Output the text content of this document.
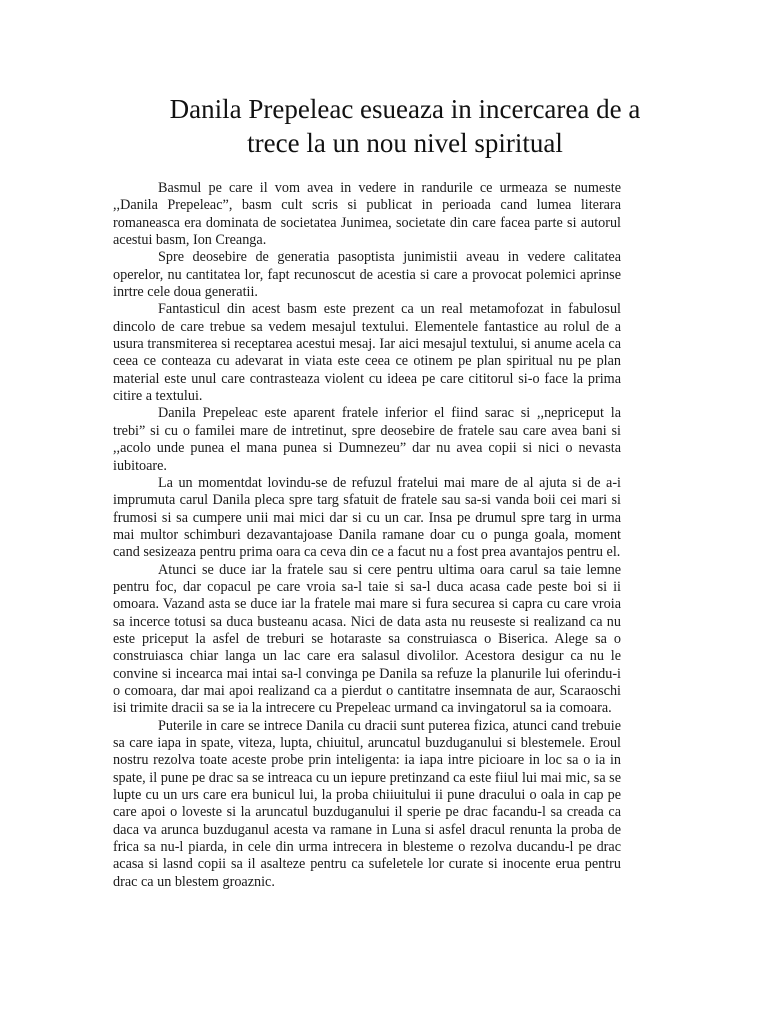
Danila Prepeleac esueaza in incercarea de a
trece la un nou nivel spiritual

Basmul pe care il vom avea in vedere in randurile ce urmeaza se numeste ,,Danila Prepeleac”, basm cult scris si publicat in perioada cand lumea literara romaneasca era dominata de societatea Junimea, societate din care facea parte si autorul acestui basm, Ion Creanga.

Spre deosebire de generatia pasoptista junimistii aveau in vedere calitatea operelor, nu cantitatea lor, fapt recunoscut de acestia si care a provocat polemici aprinse inrtre cele doua generatii.

Fantasticul din acest basm este prezent ca un real metamofozat in fabulosul dincolo de care trebue sa vedem mesajul textului. Elementele fantastice au rolul de a usura transmiterea si receptarea acestui mesaj. Iar aici mesajul textului, si anume acela ca ceea ce conteaza cu adevarat in viata este ceea ce otinem pe plan spiritual nu pe plan material este unul care contrasteaza violent cu ideea pe care cititorul si-o face la prima citire a textului.

Danila Prepeleac este aparent fratele inferior el fiind sarac si ,,nepriceput la trebi” si cu o familei mare de intretinut, spre deosebire de fratele sau care avea bani si ,,acolo unde punea el mana punea si Dumnezeu” dar nu avea copii si nici o nevasta iubitoare.

La un momentdat lovindu-se de refuzul fratelui mai mare de al ajuta si de a-i imprumuta carul Danila pleca spre targ sfatuit de fratele sau sa-si vanda boii cei mari si frumosi si sa cumpere unii mai mici dar si cu un car. Insa pe drumul spre targ in urma mai multor schimburi dezavantajoase Danila ramane doar cu o punga goala, moment cand sesizeaza pentru prima oara ca ceva din ce a facut nu a fost prea avantajos pentru el.

Atunci se duce iar la fratele sau si cere pentru ultima oara carul sa taie lemne pentru foc, dar copacul pe care vroia sa-l taie si sa-l duca acasa cade peste boi si ii omoara. Vazand asta se duce iar la fratele mai mare si fura securea si capra cu care vroia sa incerce totusi sa duca busteanu acasa. Nici de data asta nu reuseste si realizand ca nu este priceput la asfel de treburi se hotaraste sa construiasca o Biserica. Alege sa o construiasca chiar langa un lac care era salasul divolilor. Acestora desigur ca nu le convine si incearca mai intai sa-l convinga pe Danila sa refuze la planurile lui oferindu-i o comoara, dar mai apoi realizand ca a pierdut o cantitatre insemnata de aur, Scaraoschi isi trimite dracii sa se ia la intrecere cu Prepeleac urmand ca invingatorul sa ia comoara.

Puterile in care se intrece Danila cu dracii sunt puterea fizica, atunci cand trebuie sa care iapa in spate, viteza, lupta, chiuitul, aruncatul buzduganului si blestemele. Eroul nostru rezolva toate aceste probe prin inteligenta: ia iapa intre picioare in loc sa o ia in spate, il pune pe drac sa se intreaca cu un iepure pretinzand ca este fiiul lui mai mic, sa se lupte cu un urs care era bunicul lui, la proba chiiuitului ii pune dracului o oala in cap pe care apoi o loveste si la aruncatul buzduganului il sperie pe drac facandu-l sa creada ca daca va arunca buzduganul acesta va ramane in Luna si asfel dracul renunta la proba de frica sa nu-l piarda, in cele din urma intrecera in blesteme o rezolva ducandu-l pe drac acasa si lasnd copii sa il asalteze pentru ca sufeletele lor curate si inocente erua pentru drac ca un blestem groaznic.
